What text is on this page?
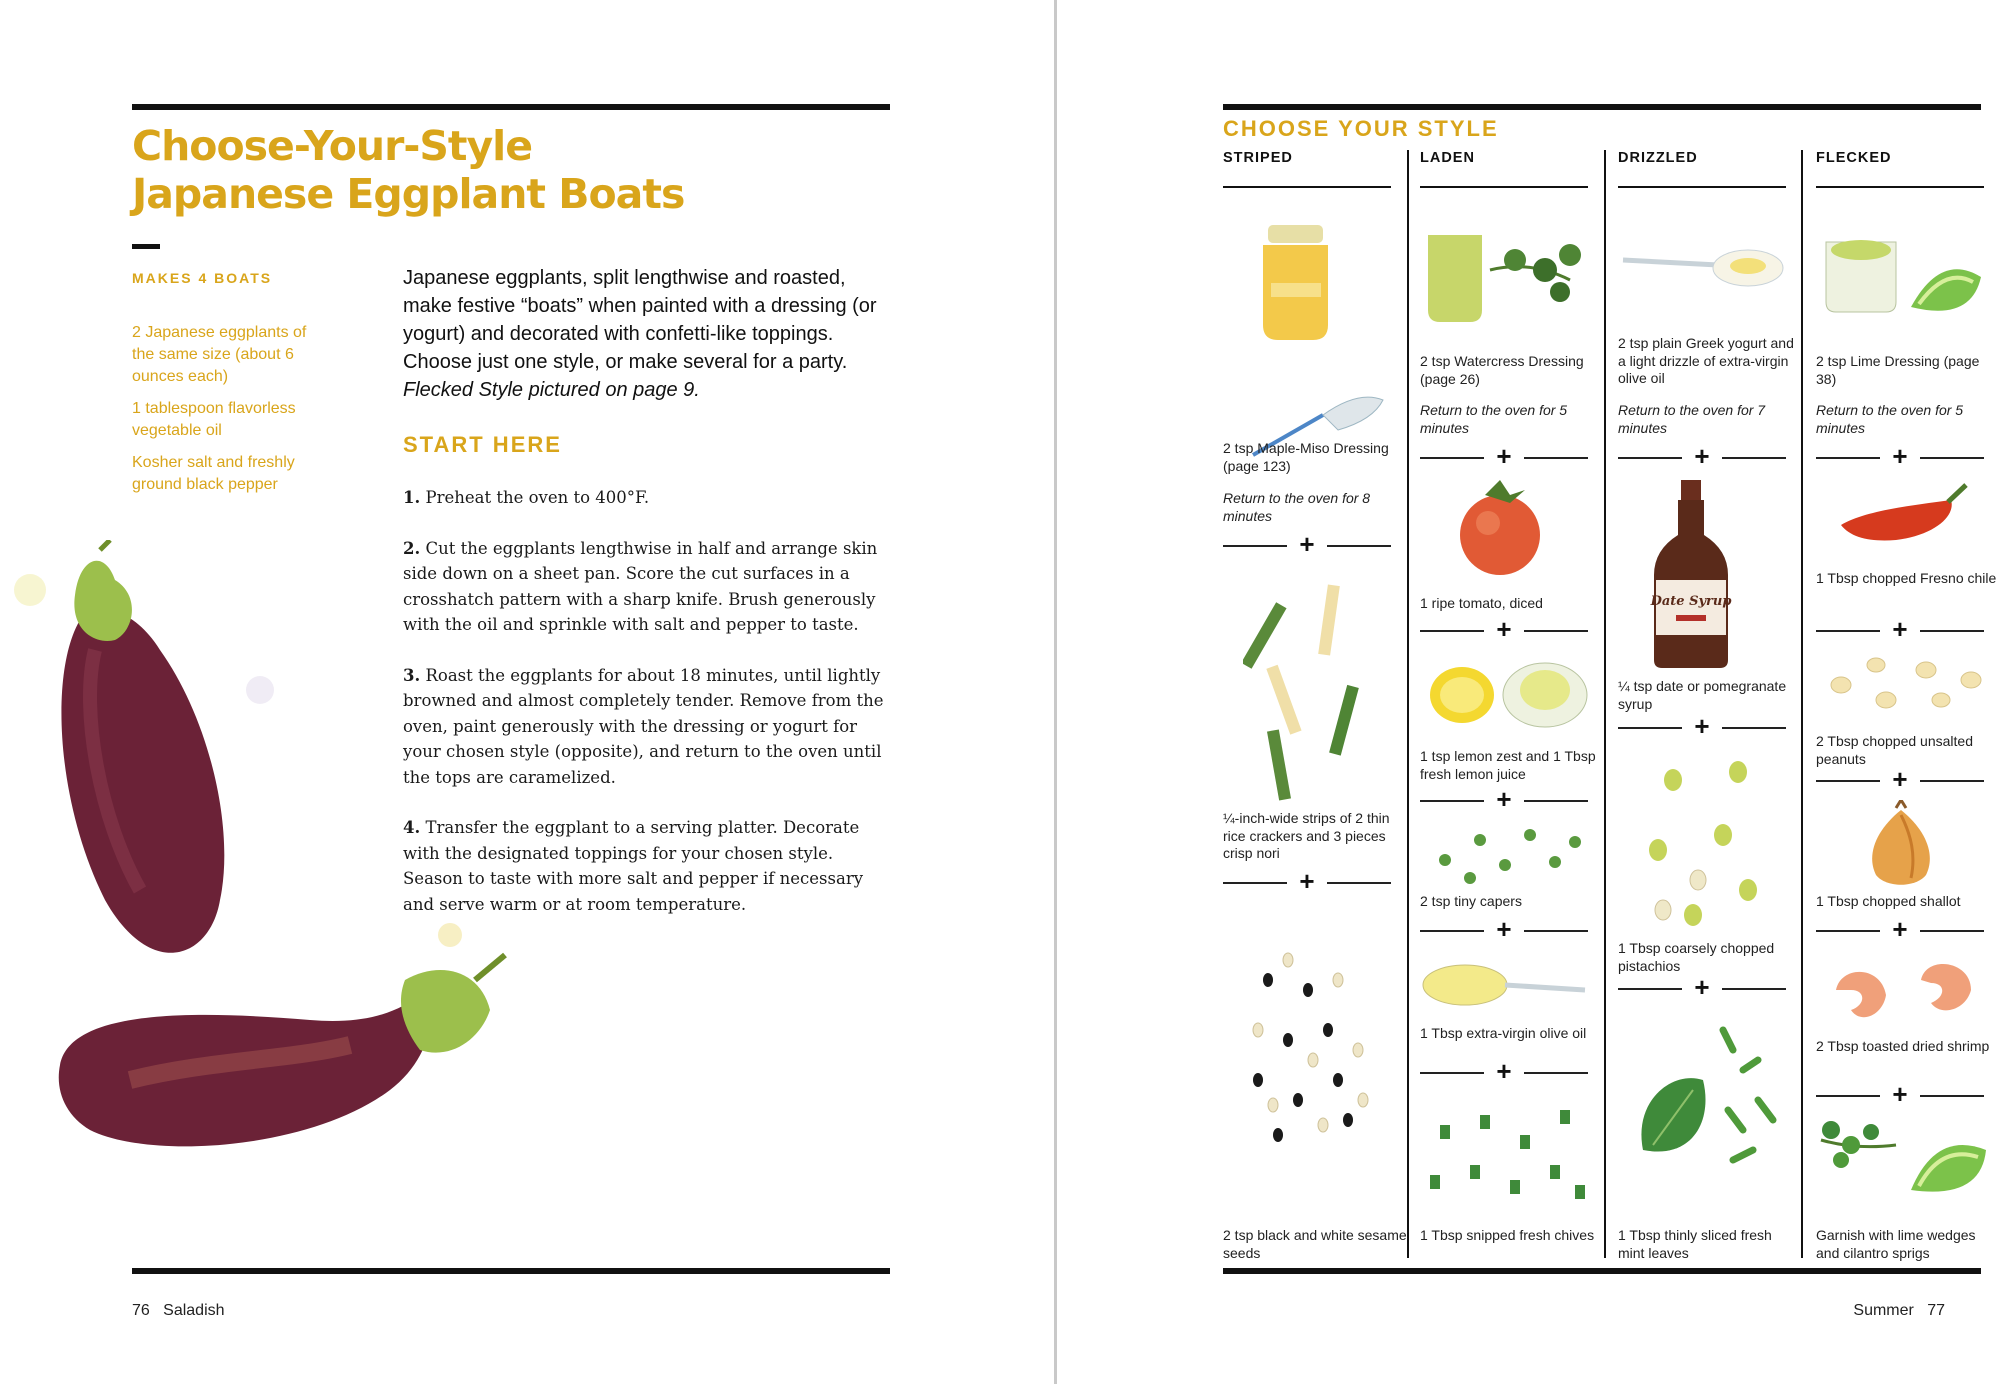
Choose-Your-Style
Japanese Eggplant Boats
MAKES 4 BOATS

2 Japanese eggplants of the same size (about 6 ounces each)

1 tablespoon flavorless vegetable oil

Kosher salt and freshly ground black pepper

Japanese eggplants, split lengthwise and roasted, make festive “boats” when painted with a dressing (or yogurt) and decorated with confetti-like toppings. Choose just one style, or make several for a party. Flecked Style pictured on page 9.
START HERE

1. Preheat the oven to 400°F.

2. Cut the eggplants lengthwise in half and arrange skin side down on a sheet pan. Score the cut surfaces in a crosshatch pattern with a sharp knife. Brush generously with the oil and sprinkle with salt and pepper to taste.

3. Roast the eggplants for about 18 minutes, until lightly browned and almost completely tender. Remove from the oven, paint generously with the dressing or yogurt for your chosen style (opposite), and return to the oven until the tops are caramelized.

4. Transfer the eggplant to a serving platter. Decorate with the designated toppings for your chosen style. Season to taste with more salt and pepper if necessary and serve warm or at room temperature.

76 Saladish
CHOOSE YOUR STYLE
STRIPED
2 tsp Maple-Miso Dressing (page 123)
Return to the oven for 8 minutes
+
¼-inch-wide strips of 2 thin rice crackers and 3 pieces crisp nori
+
2 tsp black and white sesame seeds
LADEN
2 tsp Watercress Dressing (page 26)
Return to the oven for 5 minutes
+
1 ripe tomato, diced
+
1 tsp lemon zest and 1 Tbsp fresh lemon juice
+
2 tsp tiny capers
+
1 Tbsp extra-virgin olive oil
+
1 Tbsp snipped fresh chives
DRIZZLED
2 tsp plain Greek yogurt and a light drizzle of extra-virgin olive oil
Return to the oven for 7 minutes
+
Date Syrup
¼ tsp date or pomegranate syrup
+
1 Tbsp coarsely chopped pistachios
+
1 Tbsp thinly sliced fresh mint leaves
FLECKED
2 tsp Lime Dressing (page 38)
Return to the oven for 5 minutes
+
1 Tbsp chopped Fresno chile
+
2 Tbsp chopped unsalted peanuts
+
1 Tbsp chopped shallot
+
2 Tbsp toasted dried shrimp
+
Garnish with lime wedges and cilantro sprigs
Summer 77
